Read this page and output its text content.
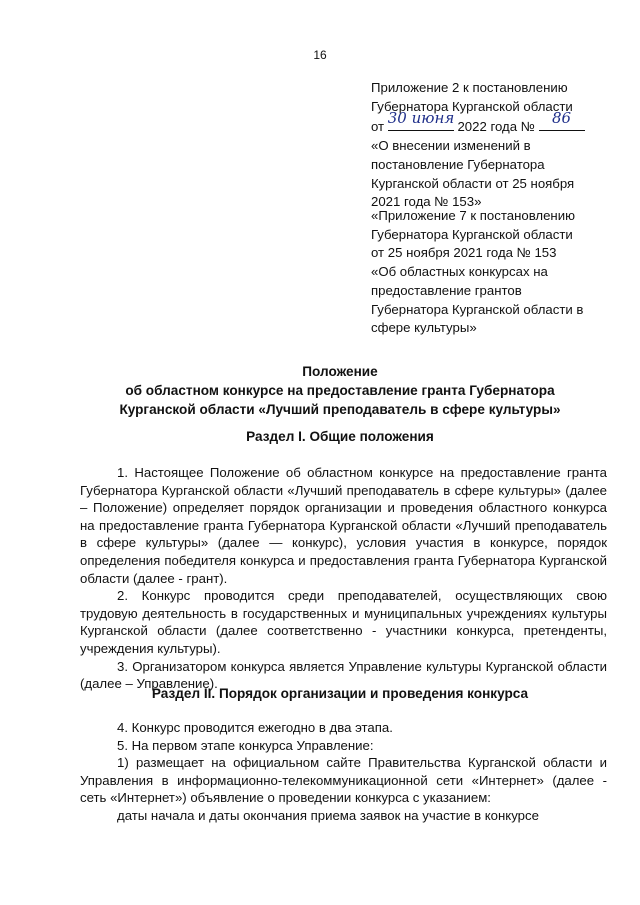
16

Приложение 2 к постановлению

Губернатора Курганской области

от 30 июня 2022 года №	86

«О внесении изменений в

постановление Губернатора

Курганской области от 25 ноября

2021 года № 153»

«Приложение 7 к постановлению

Губернатора Курганской области

от 25 ноября 2021 года № 153

«Об областных конкурсах на

предоставление грантов

Губернатора Курганской области в

сфере культуры»

Положение

об областном конкурсе на предоставление гранта Губернатора

Курганской области «Лучший преподаватель в сфере культуры»

Раздел I. Общие положения

1. Настоящее Положение об областном конкурсе на предоставление гранта Губернатора Курганской области «Лучший преподаватель в сфере культуры» (далее – Положение) определяет порядок организации и проведения областного конкурса на предоставление гранта Губернатора Курганской области «Лучший преподаватель в сфере культуры» (далее — конкурс), условия участия в конкурсе, порядок определения победителя конкурса и предоставления гранта Губернатора Курганской области (далее - грант).

2. Конкурс проводится среди преподавателей, осуществляющих свою трудовую деятельность в государственных и муниципальных учреждениях культуры Курганской области (далее соответственно - участники конкурса, претенденты, учреждения культуры).

3. Организатором конкурса является Управление культуры Курганской области (далее – Управление).

Раздел II. Порядок организации и проведения конкурса

4. Конкурс проводится ежегодно в два этапа.

5. На первом этапе конкурса Управление:

1) размещает на официальном сайте Правительства Курганской области и Управления в информационно-телекоммуникационной сети «Интернет» (далее - сеть «Интернет») объявление о проведении конкурса с указанием:

даты начала и даты окончания приема заявок на участие в конкурсе
